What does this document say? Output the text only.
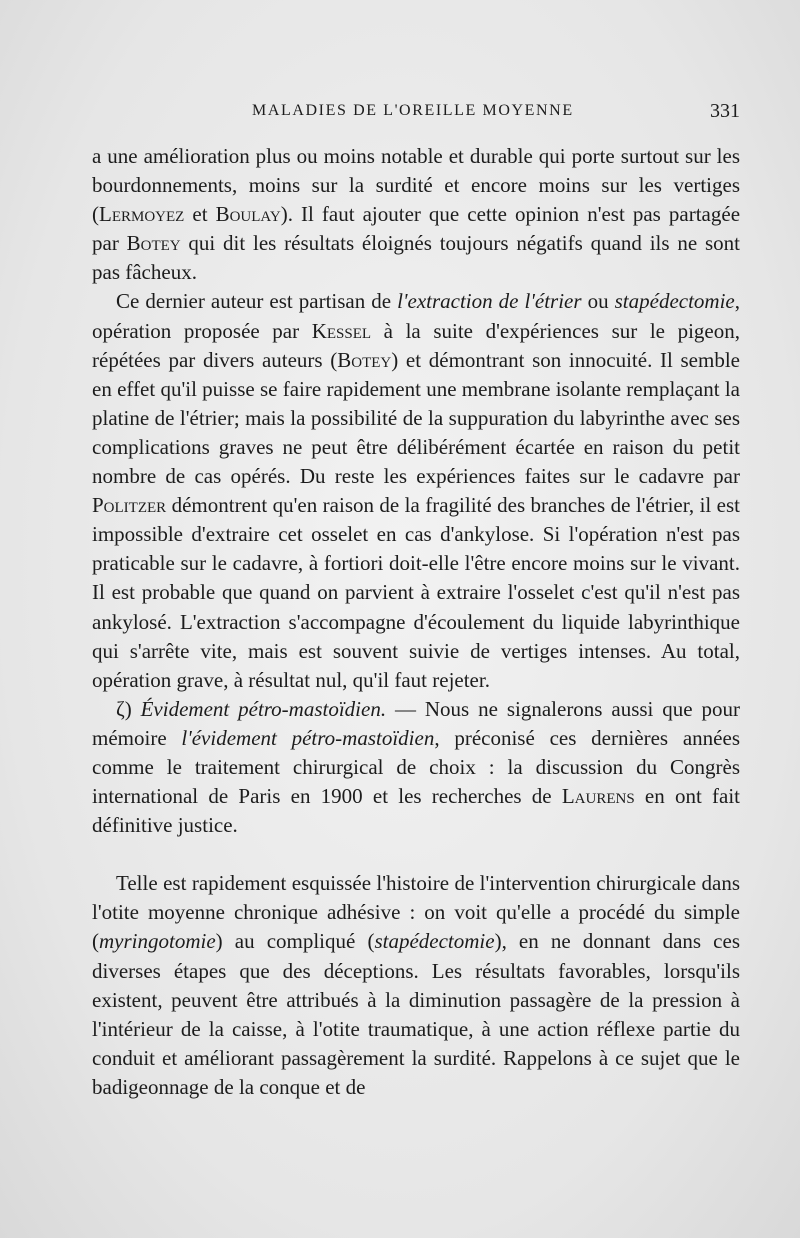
MALADIES DE L'OREILLE MOYENNE	331

a une amélioration plus ou moins notable et durable qui porte surtout sur les bourdonnements, moins sur la surdité et encore moins sur les vertiges (Lermoyez et Boulay). Il faut ajouter que cette opinion n'est pas partagée par Botey qui dit les résultats éloignés toujours négatifs quand ils ne sont pas fâcheux.

Ce dernier auteur est partisan de l'extraction de l'étrier ou stapédectomie, opération proposée par Kessel à la suite d'expériences sur le pigeon, répétées par divers auteurs (Botey) et démontrant son innocuité. Il semble en effet qu'il puisse se faire rapidement une membrane isolante remplaçant la platine de l'étrier; mais la possibilité de la suppuration du labyrinthe avec ses complications graves ne peut être délibérément écartée en raison du petit nombre de cas opérés. Du reste les expériences faites sur le cadavre par Politzer démontrent qu'en raison de la fragilité des branches de l'étrier, il est impossible d'extraire cet osselet en cas d'ankylose. Si l'opération n'est pas praticable sur le cadavre, à fortiori doit-elle l'être encore moins sur le vivant. Il est probable que quand on parvient à extraire l'osselet c'est qu'il n'est pas ankylosé. L'extraction s'accompagne d'écoulement du liquide labyrinthique qui s'arrête vite, mais est souvent suivie de vertiges intenses. Au total, opération grave, à résultat nul, qu'il faut rejeter.

ζ) Évidement pétro-mastoïdien. — Nous ne signalerons aussi que pour mémoire l'évidement pétro-mastoïdien, préconisé ces dernières années comme le traitement chirurgical de choix : la discussion du Congrès international de Paris en 1900 et les recherches de Laurens en ont fait définitive justice.

Telle est rapidement esquissée l'histoire de l'intervention chirurgicale dans l'otite moyenne chronique adhésive : on voit qu'elle a procédé du simple (myringotomie) au compliqué (stapédectomie), en ne donnant dans ces diverses étapes que des déceptions. Les résultats favorables, lorsqu'ils existent, peuvent être attribués à la diminution passagère de la pression à l'intérieur de la caisse, à l'otite traumatique, à une action réflexe partie du conduit et améliorant passagèrement la surdité. Rappelons à ce sujet que le badigeonnage de la conque et de
